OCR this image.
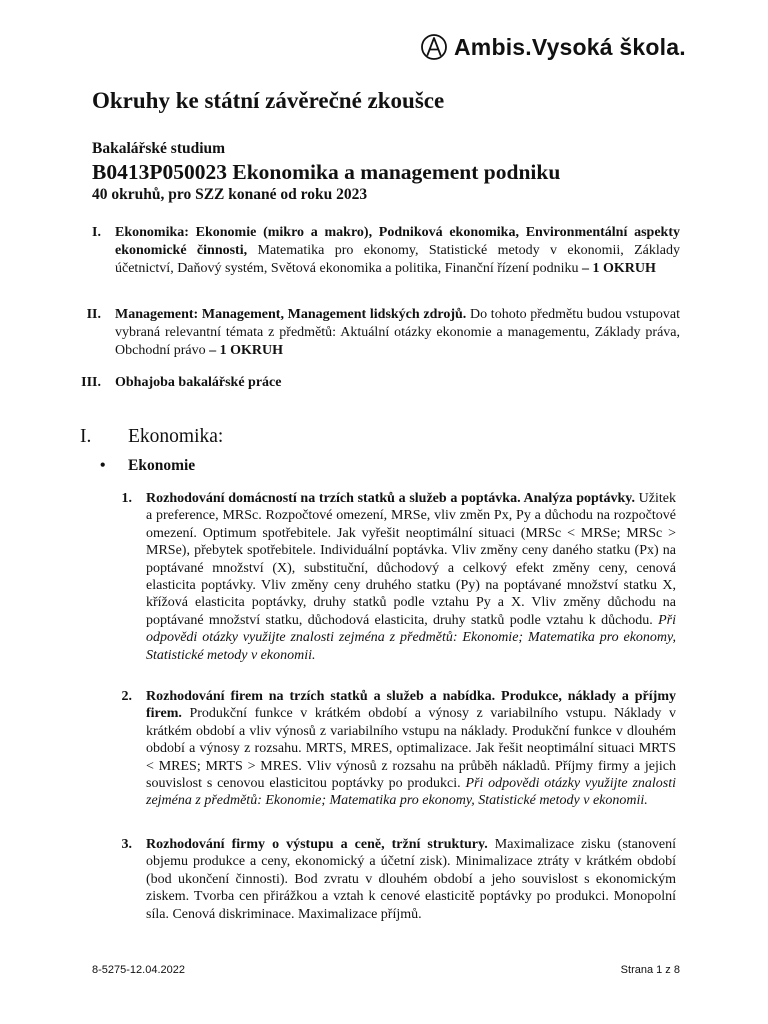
Ambis.Vysoká škola.
Okruhy ke státní závěrečné zkoušce
Bakalářské studium
B0413P050023 Ekonomika a management podniku
40 okruhů, pro SZZ konané od roku 2023
I. Ekonomika: Ekonomie (mikro a makro), Podniková ekonomika, Environmentální aspekty ekonomické činnosti, Matematika pro ekonomy, Statistické metody v ekonomii, Základy účetnictví, Daňový systém, Světová ekonomika a politika, Finanční řízení podniku – 1 OKRUH
II. Management: Management, Management lidských zdrojů. Do tohoto předmětu budou vstupovat vybraná relevantní témata z předmětů: Aktuální otázky ekonomie a managementu, Základy práva, Obchodní právo – 1 OKRUH
III. Obhajoba bakalářské práce
I.	Ekonomika:
• Ekonomie
1. Rozhodování domácností na trzích statků a služeb a poptávka. Analýza poptávky. Užitek a preference, MRSc. Rozpočtové omezení, MRSe, vliv změn Px, Py a důchodu na rozpočtové omezení. Optimum spotřebitele. Jak vyřešit neoptimální situaci (MRSc < MRSe; MRSc > MRSe), přebytek spotřebitele. Individuální poptávka. Vliv změny ceny daného statku (Px) na poptávané množství (X), substituční, důchodový a celkový efekt změny ceny, cenová elasticita poptávky. Vliv změny ceny druhého statku (Py) na poptávané množství statku X, křížová elasticita poptávky, druhy statků podle vztahu Py a X. Vliv změny důchodu na poptávané množství statku, důchodová elasticita, druhy statků podle vztahu k důchodu. Při odpovědi otázky využijte znalosti zejména z předmětů: Ekonomie; Matematika pro ekonomy, Statistické metody v ekonomii.
2. Rozhodování firem na trzích statků a služeb a nabídka. Produkce, náklady a příjmy firem. Produkční funkce v krátkém období a výnosy z variabilního vstupu. Náklady v krátkém období a vliv výnosů z variabilního vstupu na náklady. Produkční funkce v dlouhém období a výnosy z rozsahu. MRTS, MRES, optimalizace. Jak řešit neoptimální situaci MRTS < MRES; MRTS > MRES. Vliv výnosů z rozsahu na průběh nákladů. Příjmy firmy a jejich souvislost s cenovou elasticitou poptávky po produkci. Při odpovědi otázky využijte znalosti zejména z předmětů: Ekonomie; Matematika pro ekonomy, Statistické metody v ekonomii.
3. Rozhodování firmy o výstupu a ceně, tržní struktury. Maximalizace zisku (stanovení objemu produkce a ceny, ekonomický a účetní zisk). Minimalizace ztráty v krátkém období (bod ukončení činnosti). Bod zvratu v dlouhém období a jeho souvislost s ekonomickým ziskem. Tvorba cen přirážkou a vztah k cenové elasticitě poptávky po produkci. Monopolní síla. Cenová diskriminace. Maximalizace příjmů.
8-5275-12.04.2022	Strana 1 z 8
